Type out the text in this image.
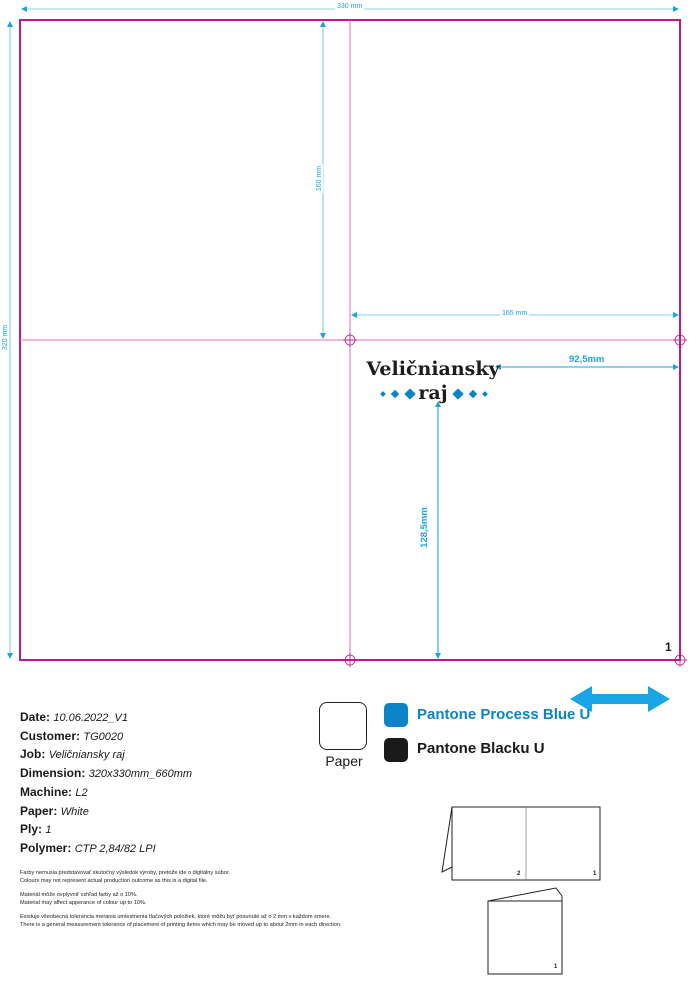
330 mm
320 mm
160 mm
165 mm
92,5mm
128,5mm
Veličniansky
raj
1
Date: 10.06.2022_V1
Customer: TG0020
Job: Veličniansky raj
Dimension: 320x330mm_660mm
Machine: L2
Paper: White
Ply: 1
Polymer: CTP 2,84/82 LPI

Farby nemusia predstavovať skutočný výsledok výroby, pretože ide o digitálny súbor.
Colours may not represent actual production outcome as this is a digital file.

Materiál môže ovplyvniť vzhľad farby až o 10%.
Material may affect apperance of colour up to 10%.

Existuje všeobecná tolerancia merania umiestnenia tlačových položiek, ktoré môžu byť posunuté až o 2 mm v každom smere.
There is a general measurement tolerance of placement of printing items which may be moved up to about 2mm in each direction.

Paper
Pantone Process Blue U
Pantone Blacku U
2	1
1
